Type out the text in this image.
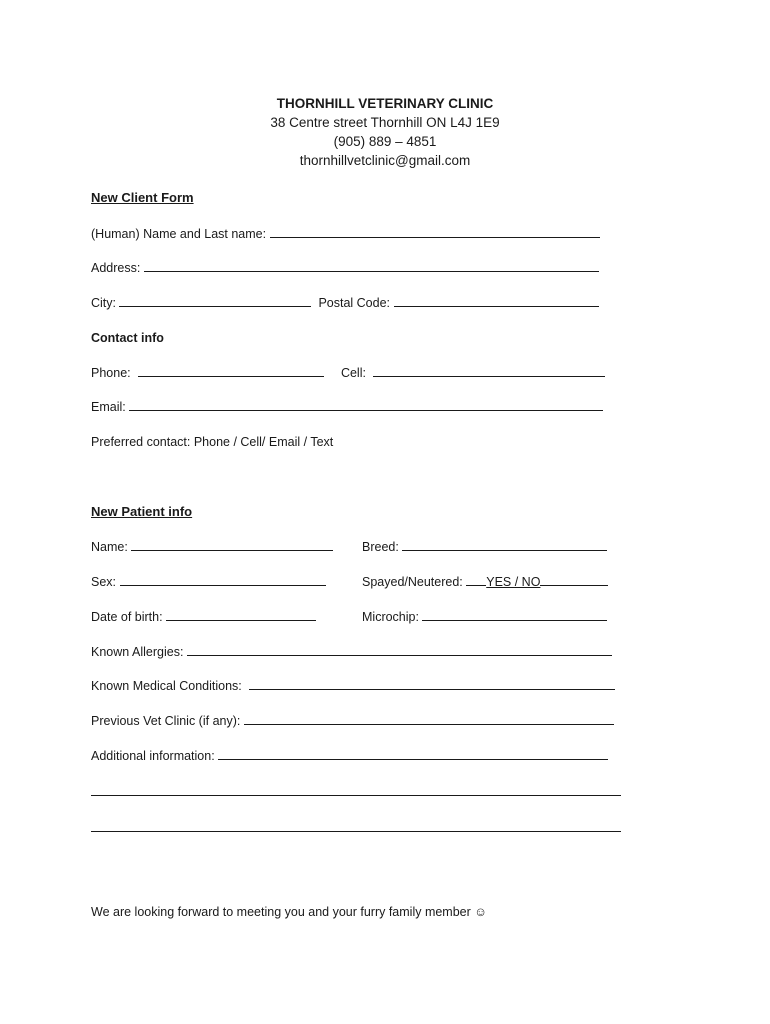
THORNHILL VETERINARY CLINIC
38 Centre street Thornhill ON L4J 1E9
(905) 889 – 4851
thornhillvetclinic@gmail.com
New Client Form
(Human) Name and Last name:
Address:
City:	Postal Code:
Contact info
Phone:	Cell:
Email:
Preferred contact: Phone / Cell/ Email / Text
New Patient info
Name:	Breed:
Sex:	Spayed/Neutered: YES / NO
Date of birth:	Microchip:
Known Allergies:
Known Medical Conditions:
Previous Vet Clinic (if any):
Additional information:
We are looking forward to meeting you and your furry family member ☺
